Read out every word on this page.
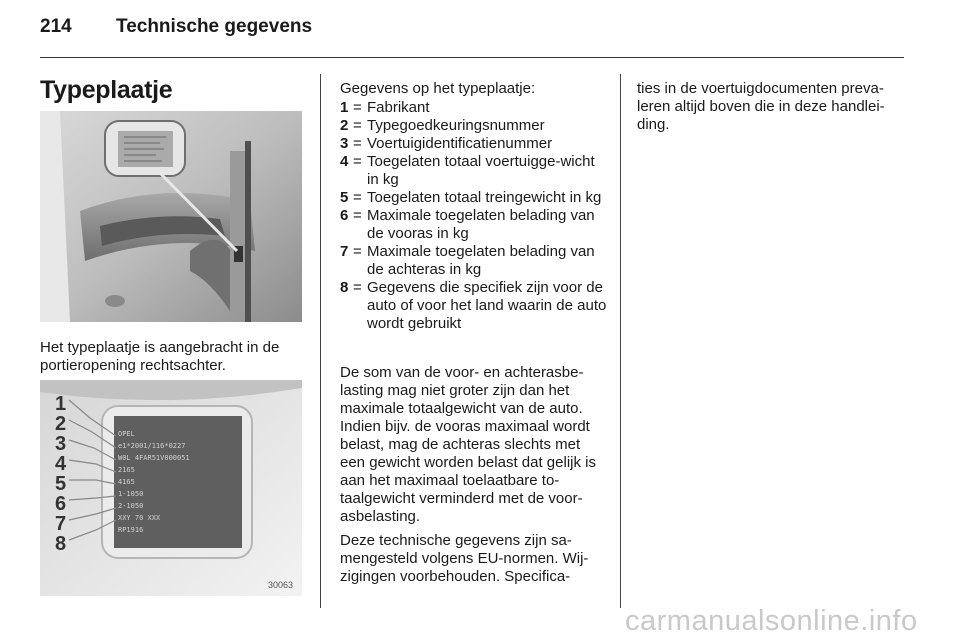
214 Technische gegevens
Typeplaatje
Het typeplaatje is aangebracht in de portieropening rechtsachter.
OPEL
e1*2001/116*0227
W0L 4FAR51V000051
2165
4165
1-1050
2-1050
XXY 70 XXX
RP1916
1
2
3
4
5
6
7
8
30063
Gegevens op het typeplaatje:
1 = Fabrikant
2 = Typegoedkeuringsnummer
3 = Voertuigidentificatienummer
4 = Toegelaten totaal voertuigge-wicht in kg
5 = Toegelaten totaal treingewicht in kg
6 = Maximale toegelaten belading van de vooras in kg
7 = Maximale toegelaten belading van de achteras in kg
8 = Gegevens die specifiek zijn voor de auto of voor het land waarin de auto wordt gebruikt
De som van de voor- en achterasbe-lasting mag niet groter zijn dan het maximale totaalgewicht van de auto. Indien bijv. de vooras maximaal wordt belast, mag de achteras slechts met een gewicht worden belast dat gelijk is aan het maximaal toelaatbare to-taalgewicht verminderd met de voor-asbelasting.
Deze technische gegevens zijn sa-mengesteld volgens EU-normen. Wij-zigingen voorbehouden. Specifica-
ties in de voertuigdocumenten preva-leren altijd boven die in deze handlei-ding.
carmanualsonline.info
